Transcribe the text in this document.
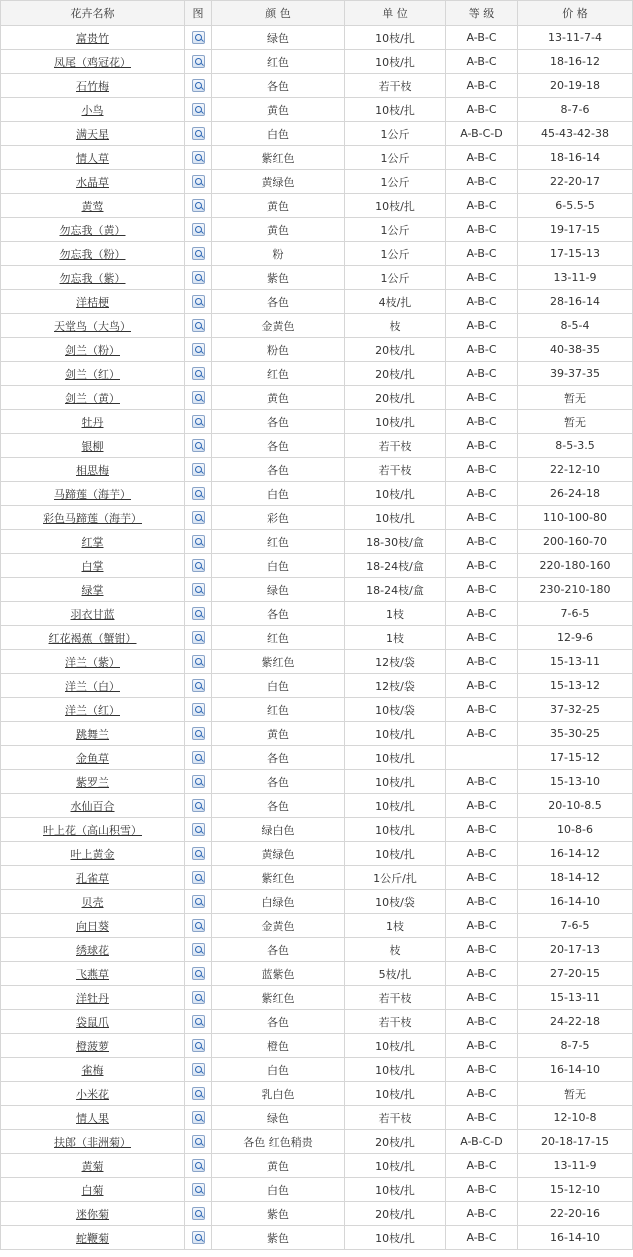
花卉名称	图	颜 色	单 位	等 级	价 格
富贵竹		绿色	10枝/扎	A-B-C	13-11-7-4
凤尾（鸡冠花）		红色	10枝/扎	A-B-C	18-16-12
石竹梅		各色	若干枝	A-B-C	20-19-18
小鸟		黄色	10枝/扎	A-B-C	8-7-6
满天星		白色	1公斤	A-B-C-D	45-43-42-38
情人草		紫红色	1公斤	A-B-C	18-16-14
水晶草		黄绿色	1公斤	A-B-C	22-20-17
黄莺		黄色	10枝/扎	A-B-C	6-5.5-5
勿忘我（黄）		黄色	1公斤	A-B-C	19-17-15
勿忘我（粉）		粉	1公斤	A-B-C	17-15-13
勿忘我（紫）		紫色	1公斤	A-B-C	13-11-9
洋桔梗		各色	4枝/扎	A-B-C	28-16-14
天堂鸟（大鸟）		金黄色	枝	A-B-C	8-5-4
剑兰（粉）		粉色	20枝/扎	A-B-C	40-38-35
剑兰（红）		红色	20枝/扎	A-B-C	39-37-35
剑兰（黄）		黄色	20枝/扎	A-B-C	暂无
牡丹		各色	10枝/扎	A-B-C	暂无
银柳		各色	若干枝	A-B-C	8-5-3.5
相思梅		各色	若干枝	A-B-C	22-12-10
马蹄莲（海芋）		白色	10枝/扎	A-B-C	26-24-18
彩色马蹄莲（海芋）		彩色	10枝/扎	A-B-C	110-100-80
红掌		红色	18-30枝/盒	A-B-C	200-160-70
白掌		白色	18-24枝/盒	A-B-C	220-180-160
绿掌		绿色	18-24枝/盒	A-B-C	230-210-180
羽衣甘蓝		各色	1枝	A-B-C	7-6-5
红花褐蕉（蟹钳）		红色	1枝	A-B-C	12-9-6
洋兰（紫）		紫红色	12枝/袋	A-B-C	15-13-11
洋兰（白）		白色	12枝/袋	A-B-C	15-13-12
洋兰（红）		红色	10枝/袋	A-B-C	37-32-25
跳舞兰		黄色	10枝/扎	A-B-C	35-30-25
金鱼草		各色	10枝/扎		17-15-12
紫罗兰		各色	10枝/扎	A-B-C	15-13-10
水仙百合		各色	10枝/扎	A-B-C	20-10-8.5
叶上花（高山积雪）		绿白色	10枝/扎	A-B-C	10-8-6
叶上黄金		黄绿色	10枝/扎	A-B-C	16-14-12
孔雀草		紫红色	1公斤/扎	A-B-C	18-14-12
贝壳		白绿色	10枝/袋	A-B-C	16-14-10
向日葵		金黄色	1枝	A-B-C	7-6-5
绣球花		各色	枝	A-B-C	20-17-13
飞燕草		蓝紫色	5枝/扎	A-B-C	27-20-15
洋牡丹		紫红色	若干枝	A-B-C	15-13-11
袋鼠爪		各色	若干枝	A-B-C	24-22-18
橙菠萝		橙色	10枝/扎	A-B-C	8-7-5
雀梅		白色	10枝/扎	A-B-C	16-14-10
小米花		乳白色	10枝/扎	A-B-C	暂无
情人果		绿色	若干枝	A-B-C	12-10-8
扶郎（非洲菊）		各色 红色稍贵	20枝/扎	A-B-C-D	20-18-17-15
黄菊		黄色	10枝/扎	A-B-C	13-11-9
白菊		白色	10枝/扎	A-B-C	15-12-10
迷你菊		紫色	20枝/扎	A-B-C	22-20-16
蛇鞭菊		紫色	10枝/扎	A-B-C	16-14-10
